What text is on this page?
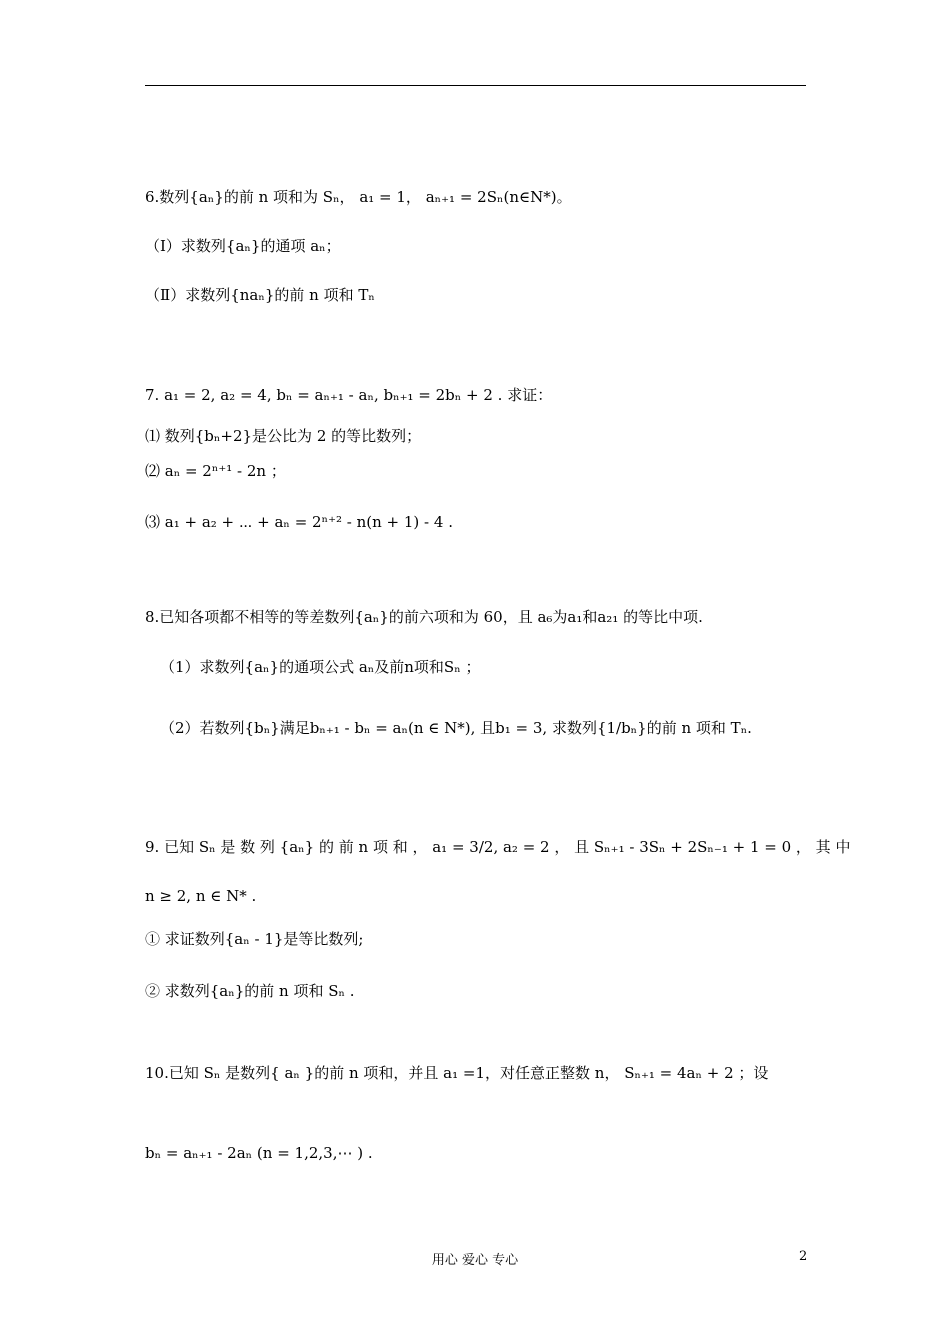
6.数列{aₙ}的前 n 项和为 Sₙ， a₁ = 1， aₙ₊₁ = 2Sₙ(n∈N*)。
（Ⅰ）求数列{aₙ}的通项 aₙ；
（Ⅱ）求数列{naₙ}的前 n 项和 Tₙ
7. a₁ = 2, a₂ = 4, bₙ = aₙ₊₁ - aₙ, bₙ₊₁ = 2bₙ + 2 . 求证：
⑴ 数列{bₙ+2}是公比为 2 的等比数列；
⑵ aₙ = 2ⁿ⁺¹ - 2n ；
⑶ a₁ + a₂ + ⋯ + aₙ = 2ⁿ⁺² - n(n + 1) - 4 .
8.已知各项都不相等的等差数列{aₙ}的前六项和为 60，且 a₆为a₁和a₂₁ 的等比中项.
（1）求数列{aₙ}的通项公式 aₙ及前n项和Sₙ ；
（2）若数列{bₙ}满足bₙ₊₁ - bₙ = aₙ(n ∈ N*), 且b₁ = 3, 求数列{1/bₙ}的前 n 项和 Tₙ.
9. 已知 Sₙ 是 数 列 {aₙ} 的 前 n 项 和 ， a₁ = 3/2, a₂ = 2 ， 且 Sₙ₊₁ - 3Sₙ + 2Sₙ₋₁ + 1 = 0 ， 其 中
n ≥ 2, n ∈ N* .
① 求证数列{aₙ - 1}是等比数列;
② 求数列{aₙ}的前 n 项和 Sₙ .
10.已知 Sₙ 是数列{ aₙ }的前 n 项和，并且 a₁ =1，对任意正整数 n， Sₙ₊₁ = 4aₙ + 2 ；设
bₙ = aₙ₊₁ - 2aₙ (n = 1,2,3,⋯ ) .
用心 爱心 专心	2
